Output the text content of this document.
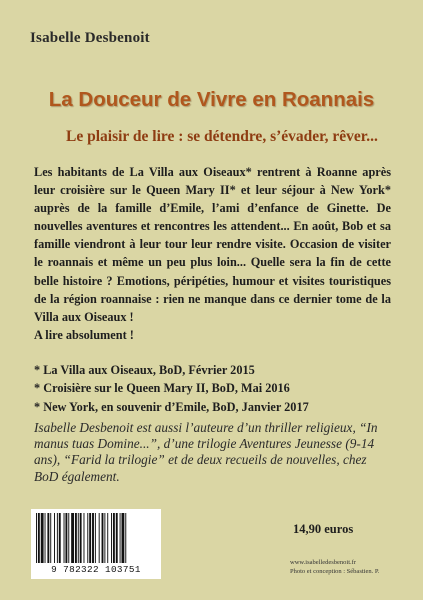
Isabelle Desbenoit
La Douceur de Vivre en Roannais
Le plaisir de lire : se détendre, s’évader, rêver...

Les habitants de La Villa aux Oiseaux* rentrent à Roanne après leur croisière sur le Queen Mary II* et leur séjour à New York* auprès de la famille d’Emile, l’ami d’enfance de Ginette. De nouvelles aventures et rencontres les attendent... En août, Bob et sa famille viendront à leur tour leur rendre visite. Occasion de visiter le roannais et même un peu plus loin... Quelle sera la fin de cette belle histoire ? Emotions, péripéties, humour et visites touristiques de la région roannaise : rien ne manque dans ce dernier tome de la Villa aux Oiseaux !

A lire absolument !

* La Villa aux Oiseaux, BoD, Février 2015
* Croisière sur le Queen Mary II, BoD, Mai 2016
* New York, en souvenir d’Emile, BoD, Janvier 2017

Isabelle Desbenoit est aussi l’auteure d’un thriller religieux, “In manus tuas Domine...”, d’une trilogie Aventures Jeunesse (9-14 ans), “Farid la trilogie” et de deux recueils de nouvelles, chez BoD également.

9 782322 103751
14,90 euros
www.isabelledesbenoit.fr
Photo et conception : Sébastien. P.
